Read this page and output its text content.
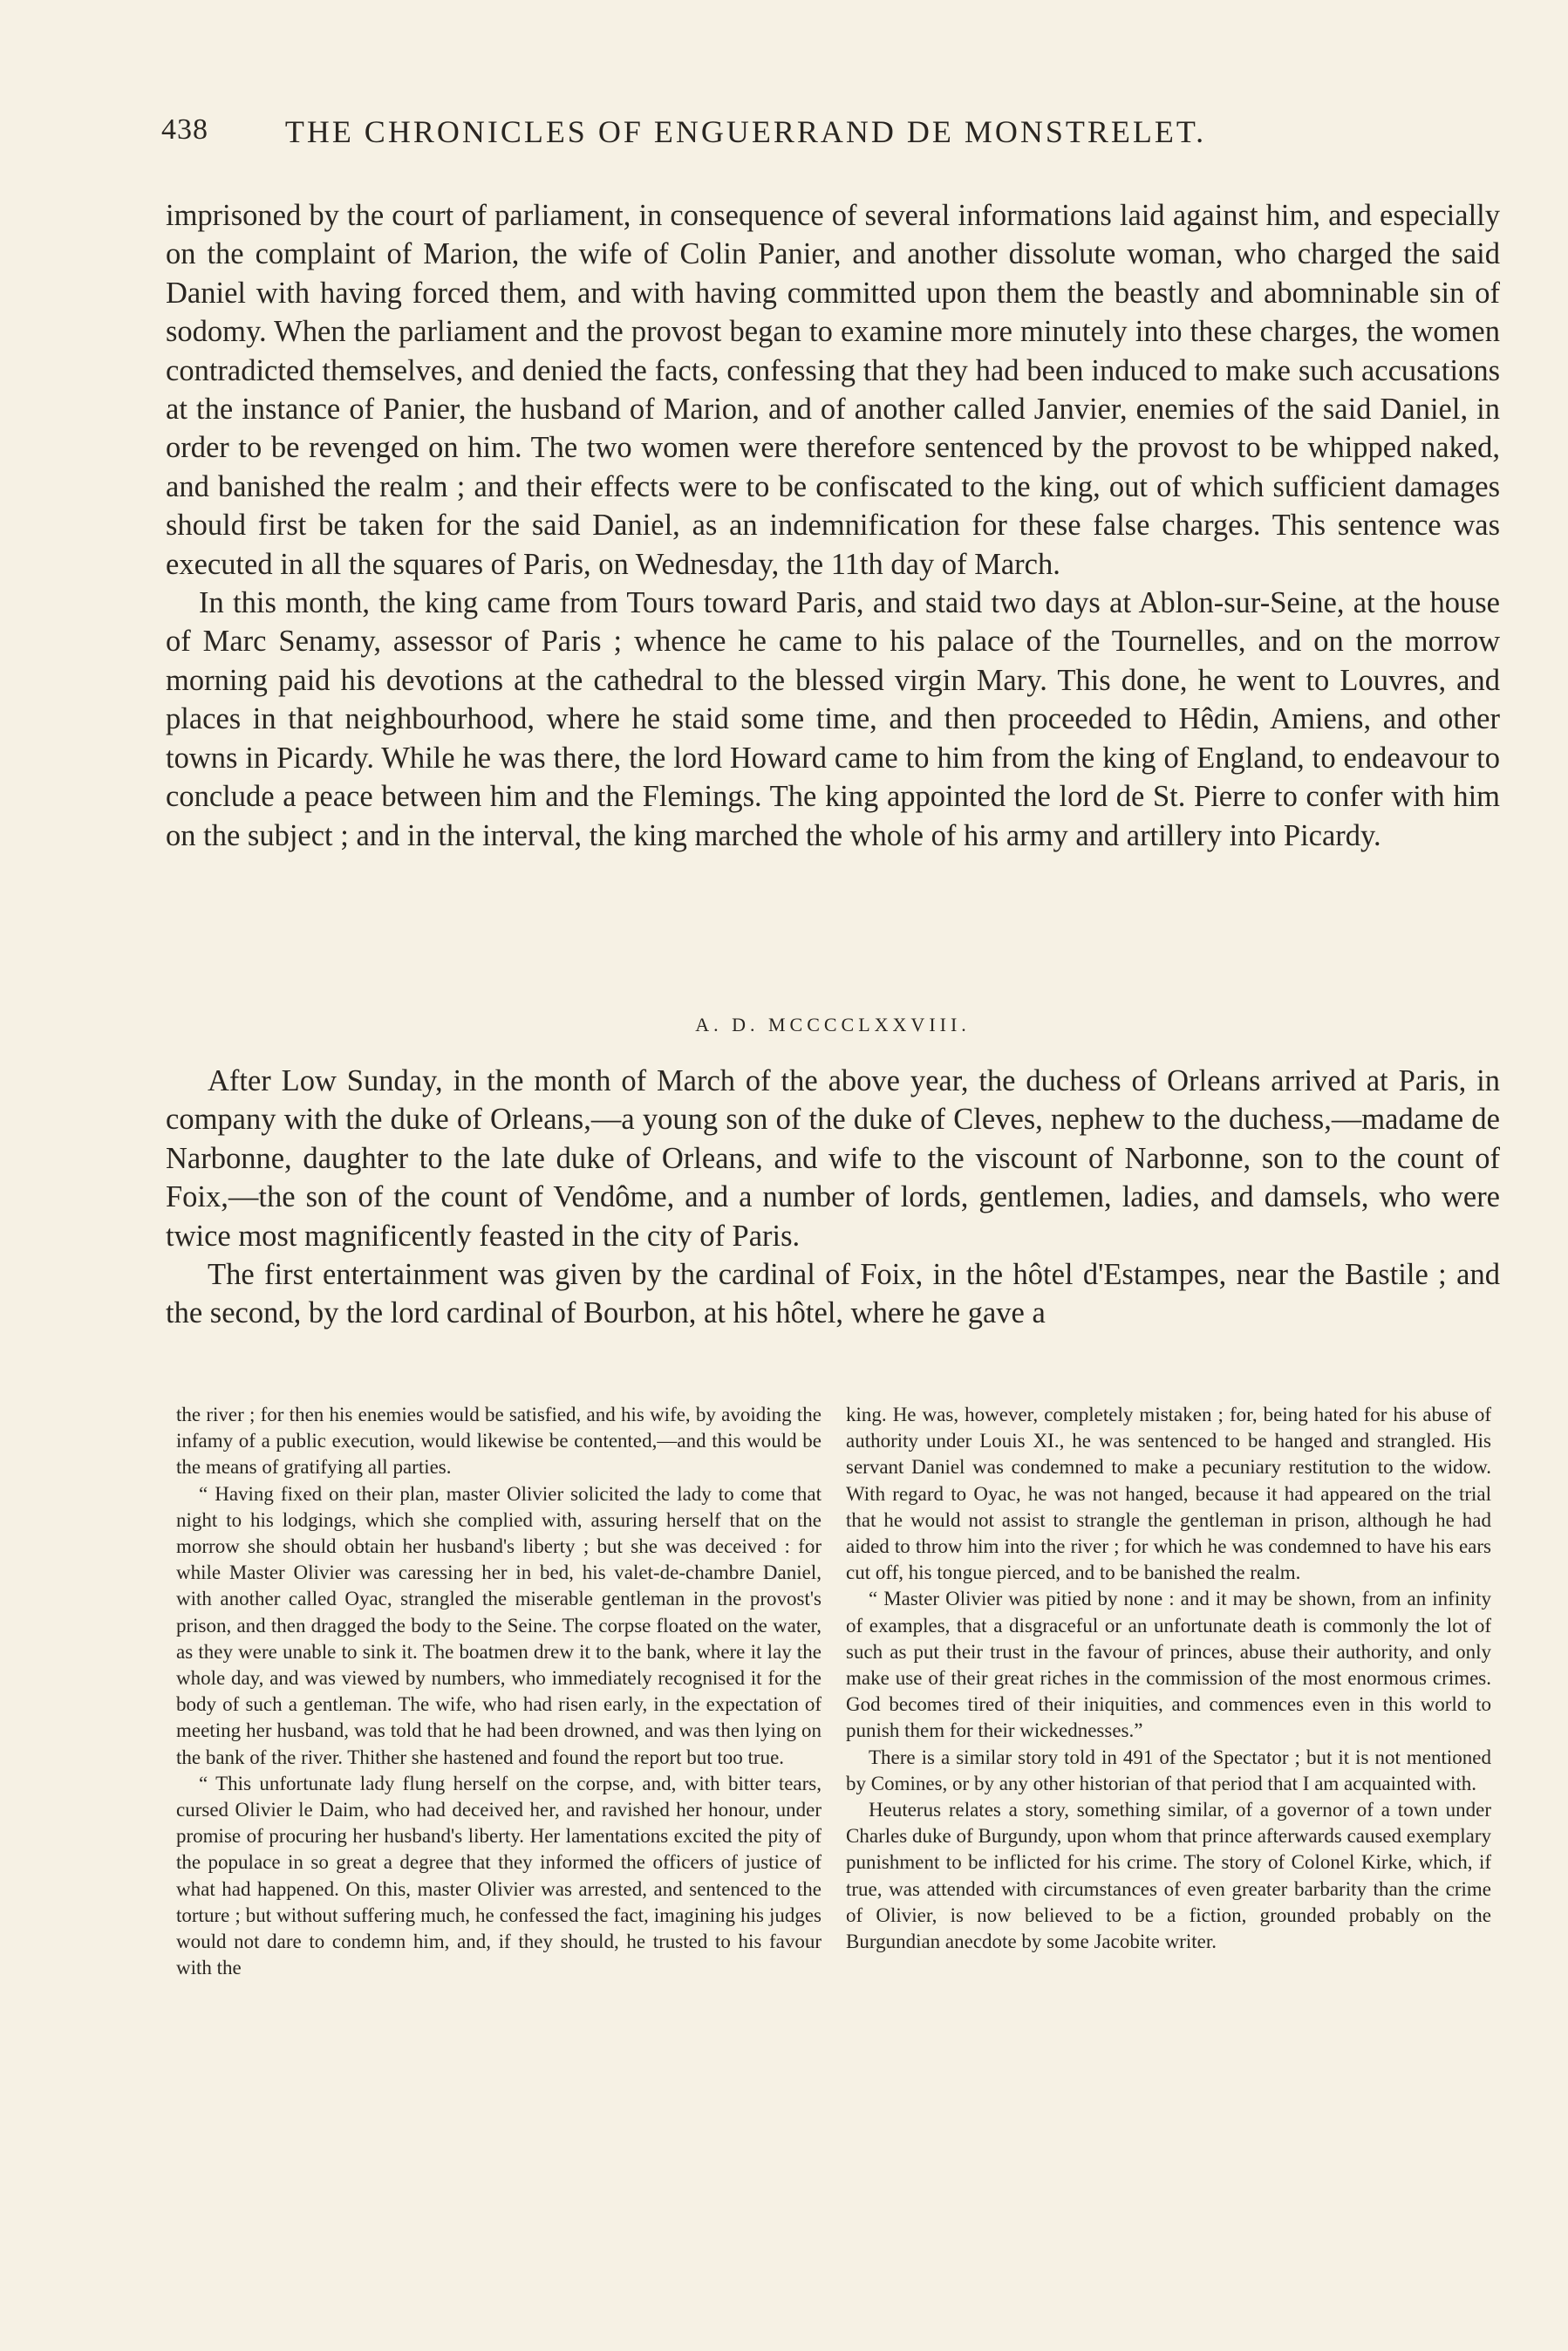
438	THE CHRONICLES OF ENGUERRAND DE MONSTRELET.

imprisoned by the court of parliament, in consequence of several informations laid against him, and especially on the complaint of Marion, the wife of Colin Panier, and another dissolute woman, who charged the said Daniel with having forced them, and with having committed upon them the beastly and abomninable sin of sodomy. When the parliament and the provost began to examine more minutely into these charges, the women contradicted themselves, and denied the facts, confessing that they had been induced to make such accusations at the instance of Panier, the husband of Marion, and of another called Janvier, enemies of the said Daniel, in order to be revenged on him. The two women were therefore sentenced by the provost to be whipped naked, and banished the realm ; and their effects were to be confiscated to the king, out of which sufficient damages should first be taken for the said Daniel, as an indemnification for these false charges. This sentence was executed in all the squares of Paris, on Wednesday, the 11th day of March.

In this month, the king came from Tours toward Paris, and staid two days at Ablon-sur-Seine, at the house of Marc Senamy, assessor of Paris ; whence he came to his palace of the Tournelles, and on the morrow morning paid his devotions at the cathedral to the blessed virgin Mary. This done, he went to Louvres, and places in that neighbourhood, where he staid some time, and then proceeded to Hêdin, Amiens, and other towns in Picardy. While he was there, the lord Howard came to him from the king of England, to endeavour to conclude a peace between him and the Flemings. The king appointed the lord de St. Pierre to confer with him on the subject ; and in the interval, the king marched the whole of his army and artillery into Picardy.

A. D. MCCCCLXXVIII.

After Low Sunday, in the month of March of the above year, the duchess of Orleans arrived at Paris, in company with the duke of Orleans,—a young son of the duke of Cleves, nephew to the duchess,—madame de Narbonne, daughter to the late duke of Orleans, and wife to the viscount of Narbonne, son to the count of Foix,—the son of the count of Vendôme, and a number of lords, gentlemen, ladies, and damsels, who were twice most magnificently feasted in the city of Paris.

The first entertainment was given by the cardinal of Foix, in the hôtel d'Estampes, near the Bastile ; and the second, by the lord cardinal of Bourbon, at his hôtel, where he gave a

the river ; for then his enemies would be satisfied, and his wife, by avoiding the infamy of a public execution, would likewise be contented,—and this would be the means of gratifying all parties.

“ Having fixed on their plan, master Olivier solicited the lady to come that night to his lodgings, which she complied with, assuring herself that on the morrow she should obtain her husband's liberty ; but she was deceived : for while Master Olivier was caressing her in bed, his valet-de-chambre Daniel, with another called Oyac, strangled the miserable gentleman in the provost's prison, and then dragged the body to the Seine. The corpse floated on the water, as they were unable to sink it. The boatmen drew it to the bank, where it lay the whole day, and was viewed by numbers, who immediately recognised it for the body of such a gentleman. The wife, who had risen early, in the expectation of meeting her husband, was told that he had been drowned, and was then lying on the bank of the river. Thither she hastened and found the report but too true.

“ This unfortunate lady flung herself on the corpse, and, with bitter tears, cursed Olivier le Daim, who had deceived her, and ravished her honour, under promise of procuring her husband's liberty. Her lamentations excited the pity of the populace in so great a degree that they informed the officers of justice of what had happened. On this, master Olivier was arrested, and sentenced to the torture ; but without suffering much, he confessed the fact, imagining his judges would not dare to condemn him, and, if they should, he trusted to his favour with the

king. He was, however, completely mistaken ; for, being hated for his abuse of authority under Louis XI., he was sentenced to be hanged and strangled. His servant Daniel was condemned to make a pecuniary restitution to the widow. With regard to Oyac, he was not hanged, because it had appeared on the trial that he would not assist to strangle the gentleman in prison, although he had aided to throw him into the river ; for which he was condemned to have his ears cut off, his tongue pierced, and to be banished the realm.

“ Master Olivier was pitied by none : and it may be shown, from an infinity of examples, that a disgraceful or an unfortunate death is commonly the lot of such as put their trust in the favour of princes, abuse their authority, and only make use of their great riches in the commission of the most enormous crimes. God becomes tired of their iniquities, and commences even in this world to punish them for their wickednesses.”

There is a similar story told in 491 of the Spectator ; but it is not mentioned by Comines, or by any other historian of that period that I am acquainted with.

Heuterus relates a story, something similar, of a governor of a town under Charles duke of Burgundy, upon whom that prince afterwards caused exemplary punishment to be inflicted for his crime. The story of Colonel Kirke, which, if true, was attended with circumstances of even greater barbarity than the crime of Olivier, is now believed to be a fiction, grounded probably on the Burgundian anecdote by some Jacobite writer.
